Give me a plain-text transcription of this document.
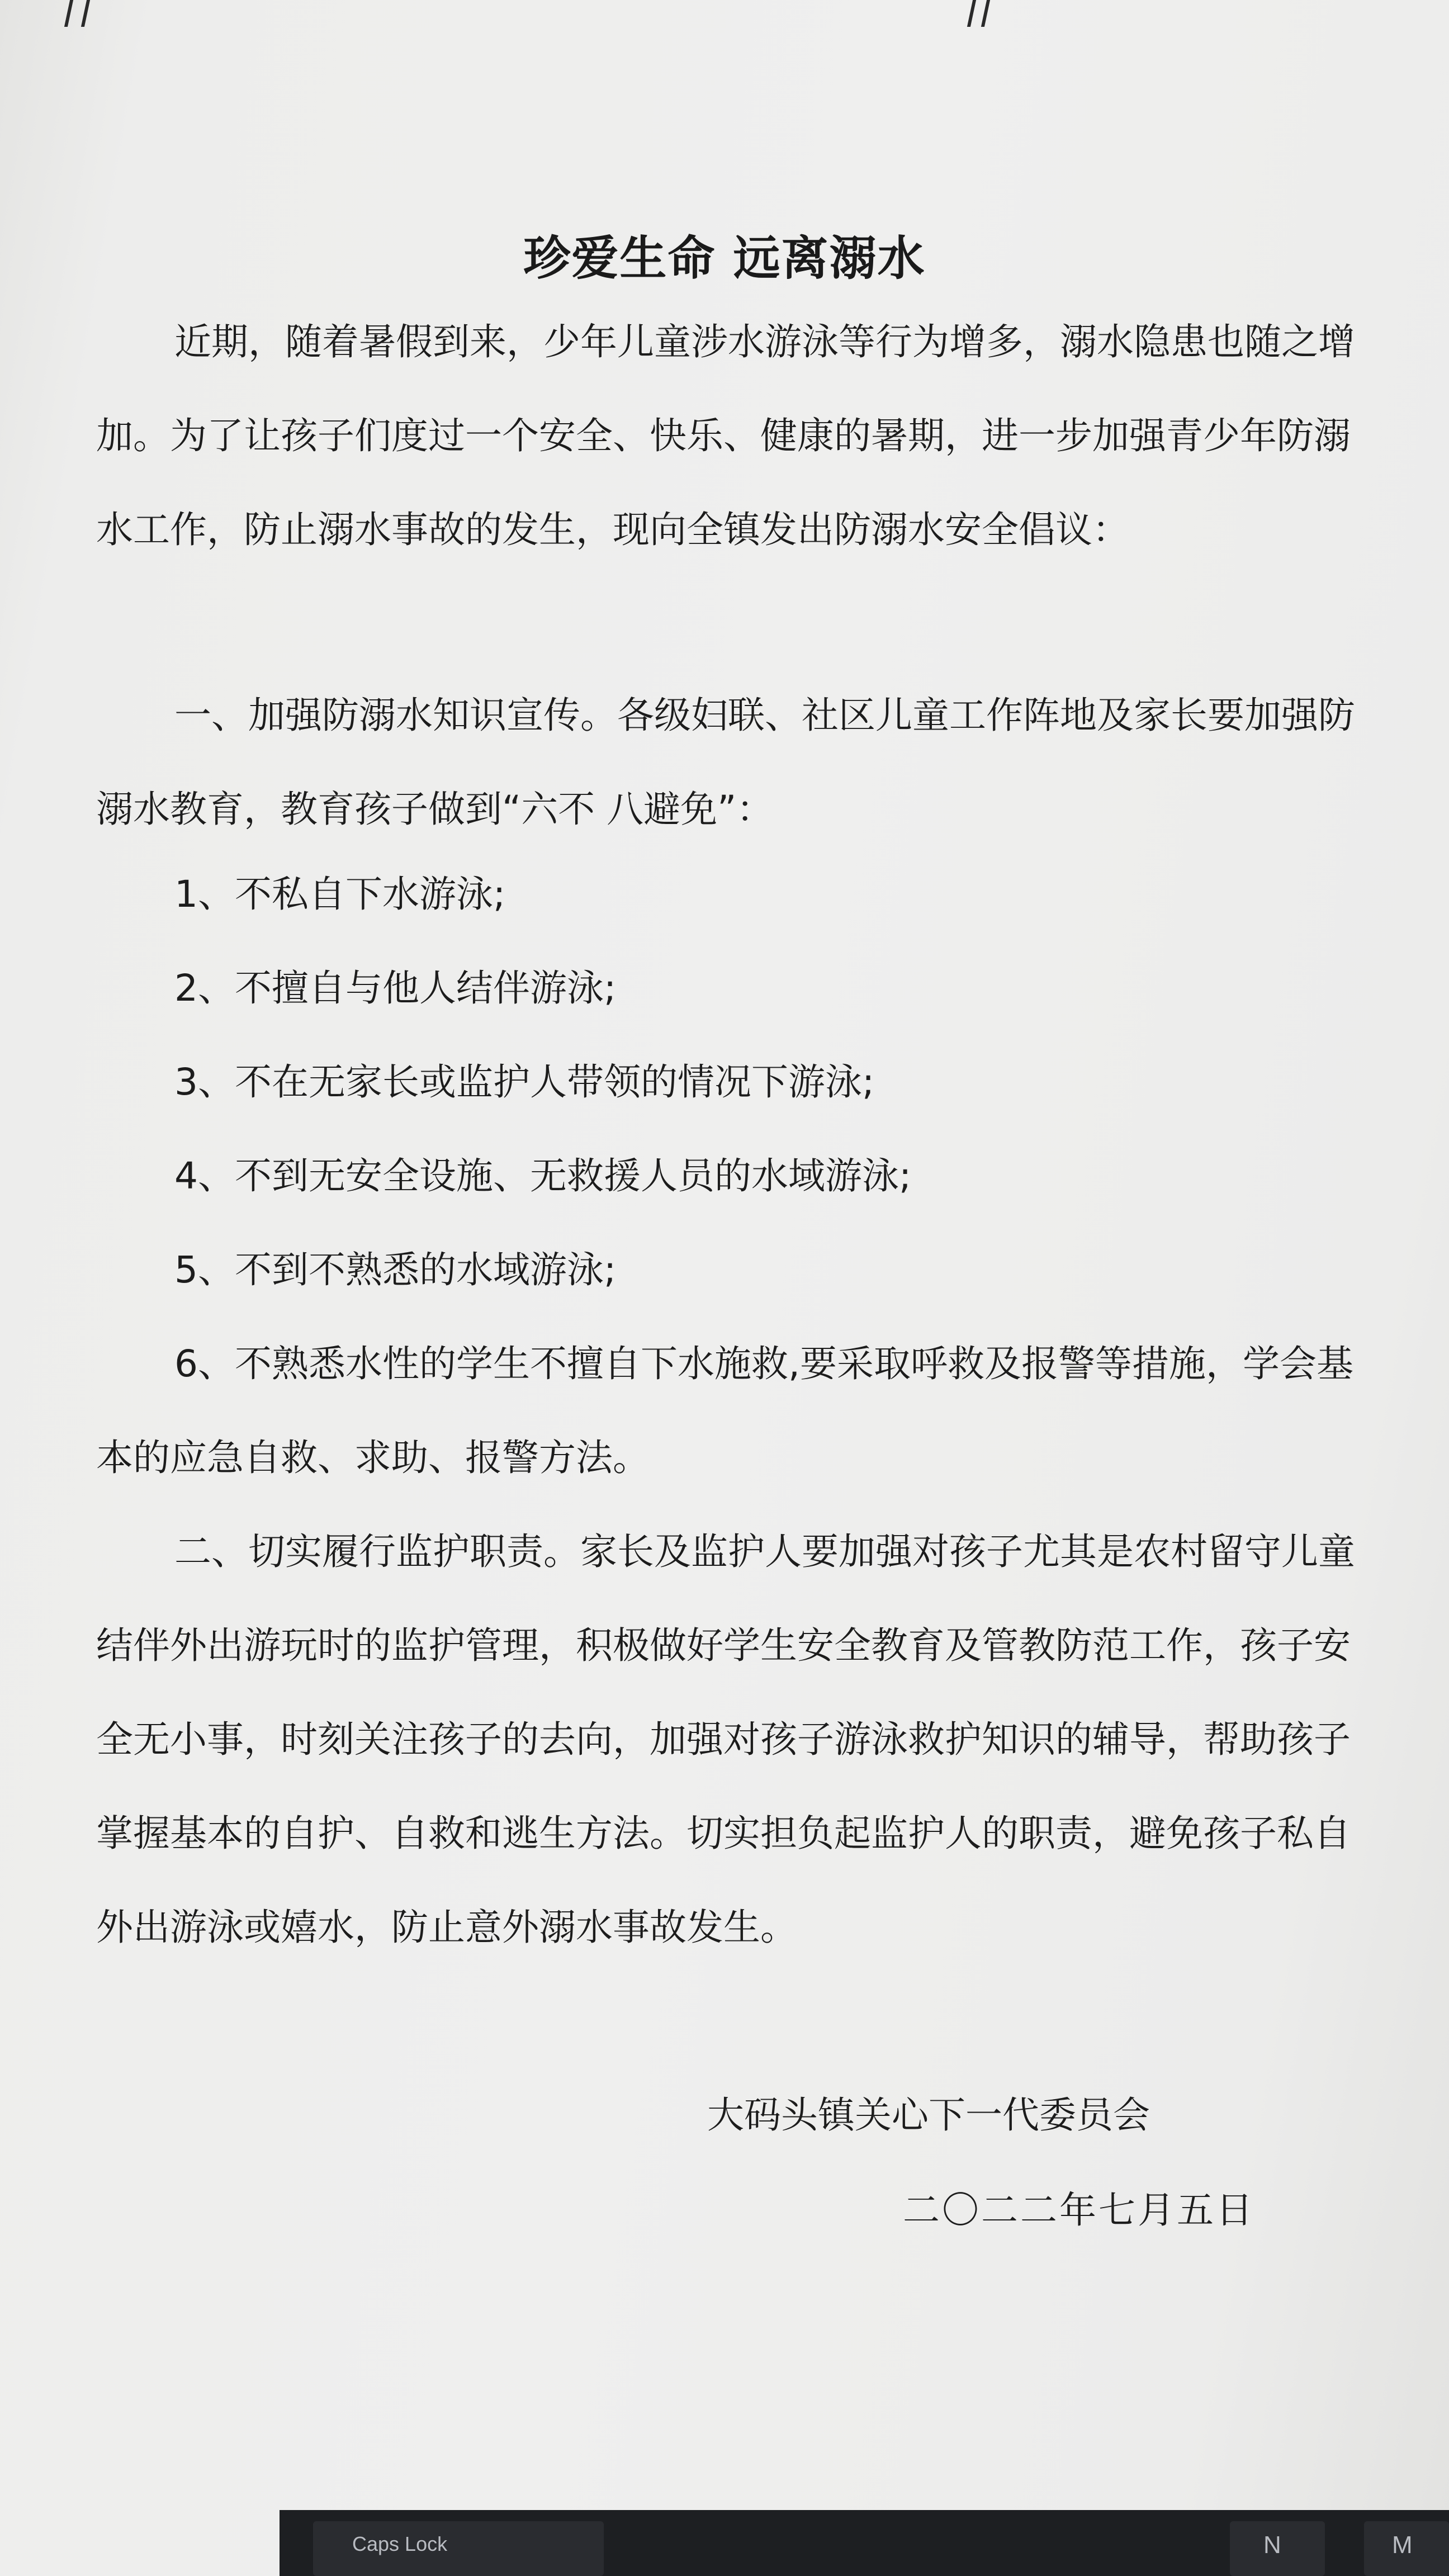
珍爱生命 远离溺水

近期，随着暑假到来，少年儿童涉水游泳等行为增多，溺水隐患也随之增加。为了让孩子们度过一个安全、快乐、健康的暑期，进一步加强青少年防溺水工作，防止溺水事故的发生，现向全镇发出防溺水安全倡议：

一、加强防溺水知识宣传。各级妇联、社区儿童工作阵地及家长要加强防溺水教育，教育孩子做到“六不 八避免”：

1、不私自下水游泳;

2、不擅自与他人结伴游泳;

3、不在无家长或监护人带领的情况下游泳;

4、不到无安全设施、无救援人员的水域游泳;

5、不到不熟悉的水域游泳;

二、切实履行监护职责。家长及监护人要加强对孩子尤其是农村留守儿童结伴外出游玩时的监护管理，积极做好学生安全教育及管教防范工作，孩子安全无小事，时刻关注孩子的去向，加强对孩子游泳救护知识的辅导，帮助孩子掌握基本的自护、自救和逃生方法。切实担负起监护人的职责，避免孩子私自外出游泳或嬉水，防止意外溺水事故发生。

6、不熟悉水性的学生不擅自下水施救,要采取呼救及报警等措施，学会基本的应急自救、求助、报警方法。

大码头镇关心下一代委员会
二〇二二年七月五日
Caps Lock	N	M
